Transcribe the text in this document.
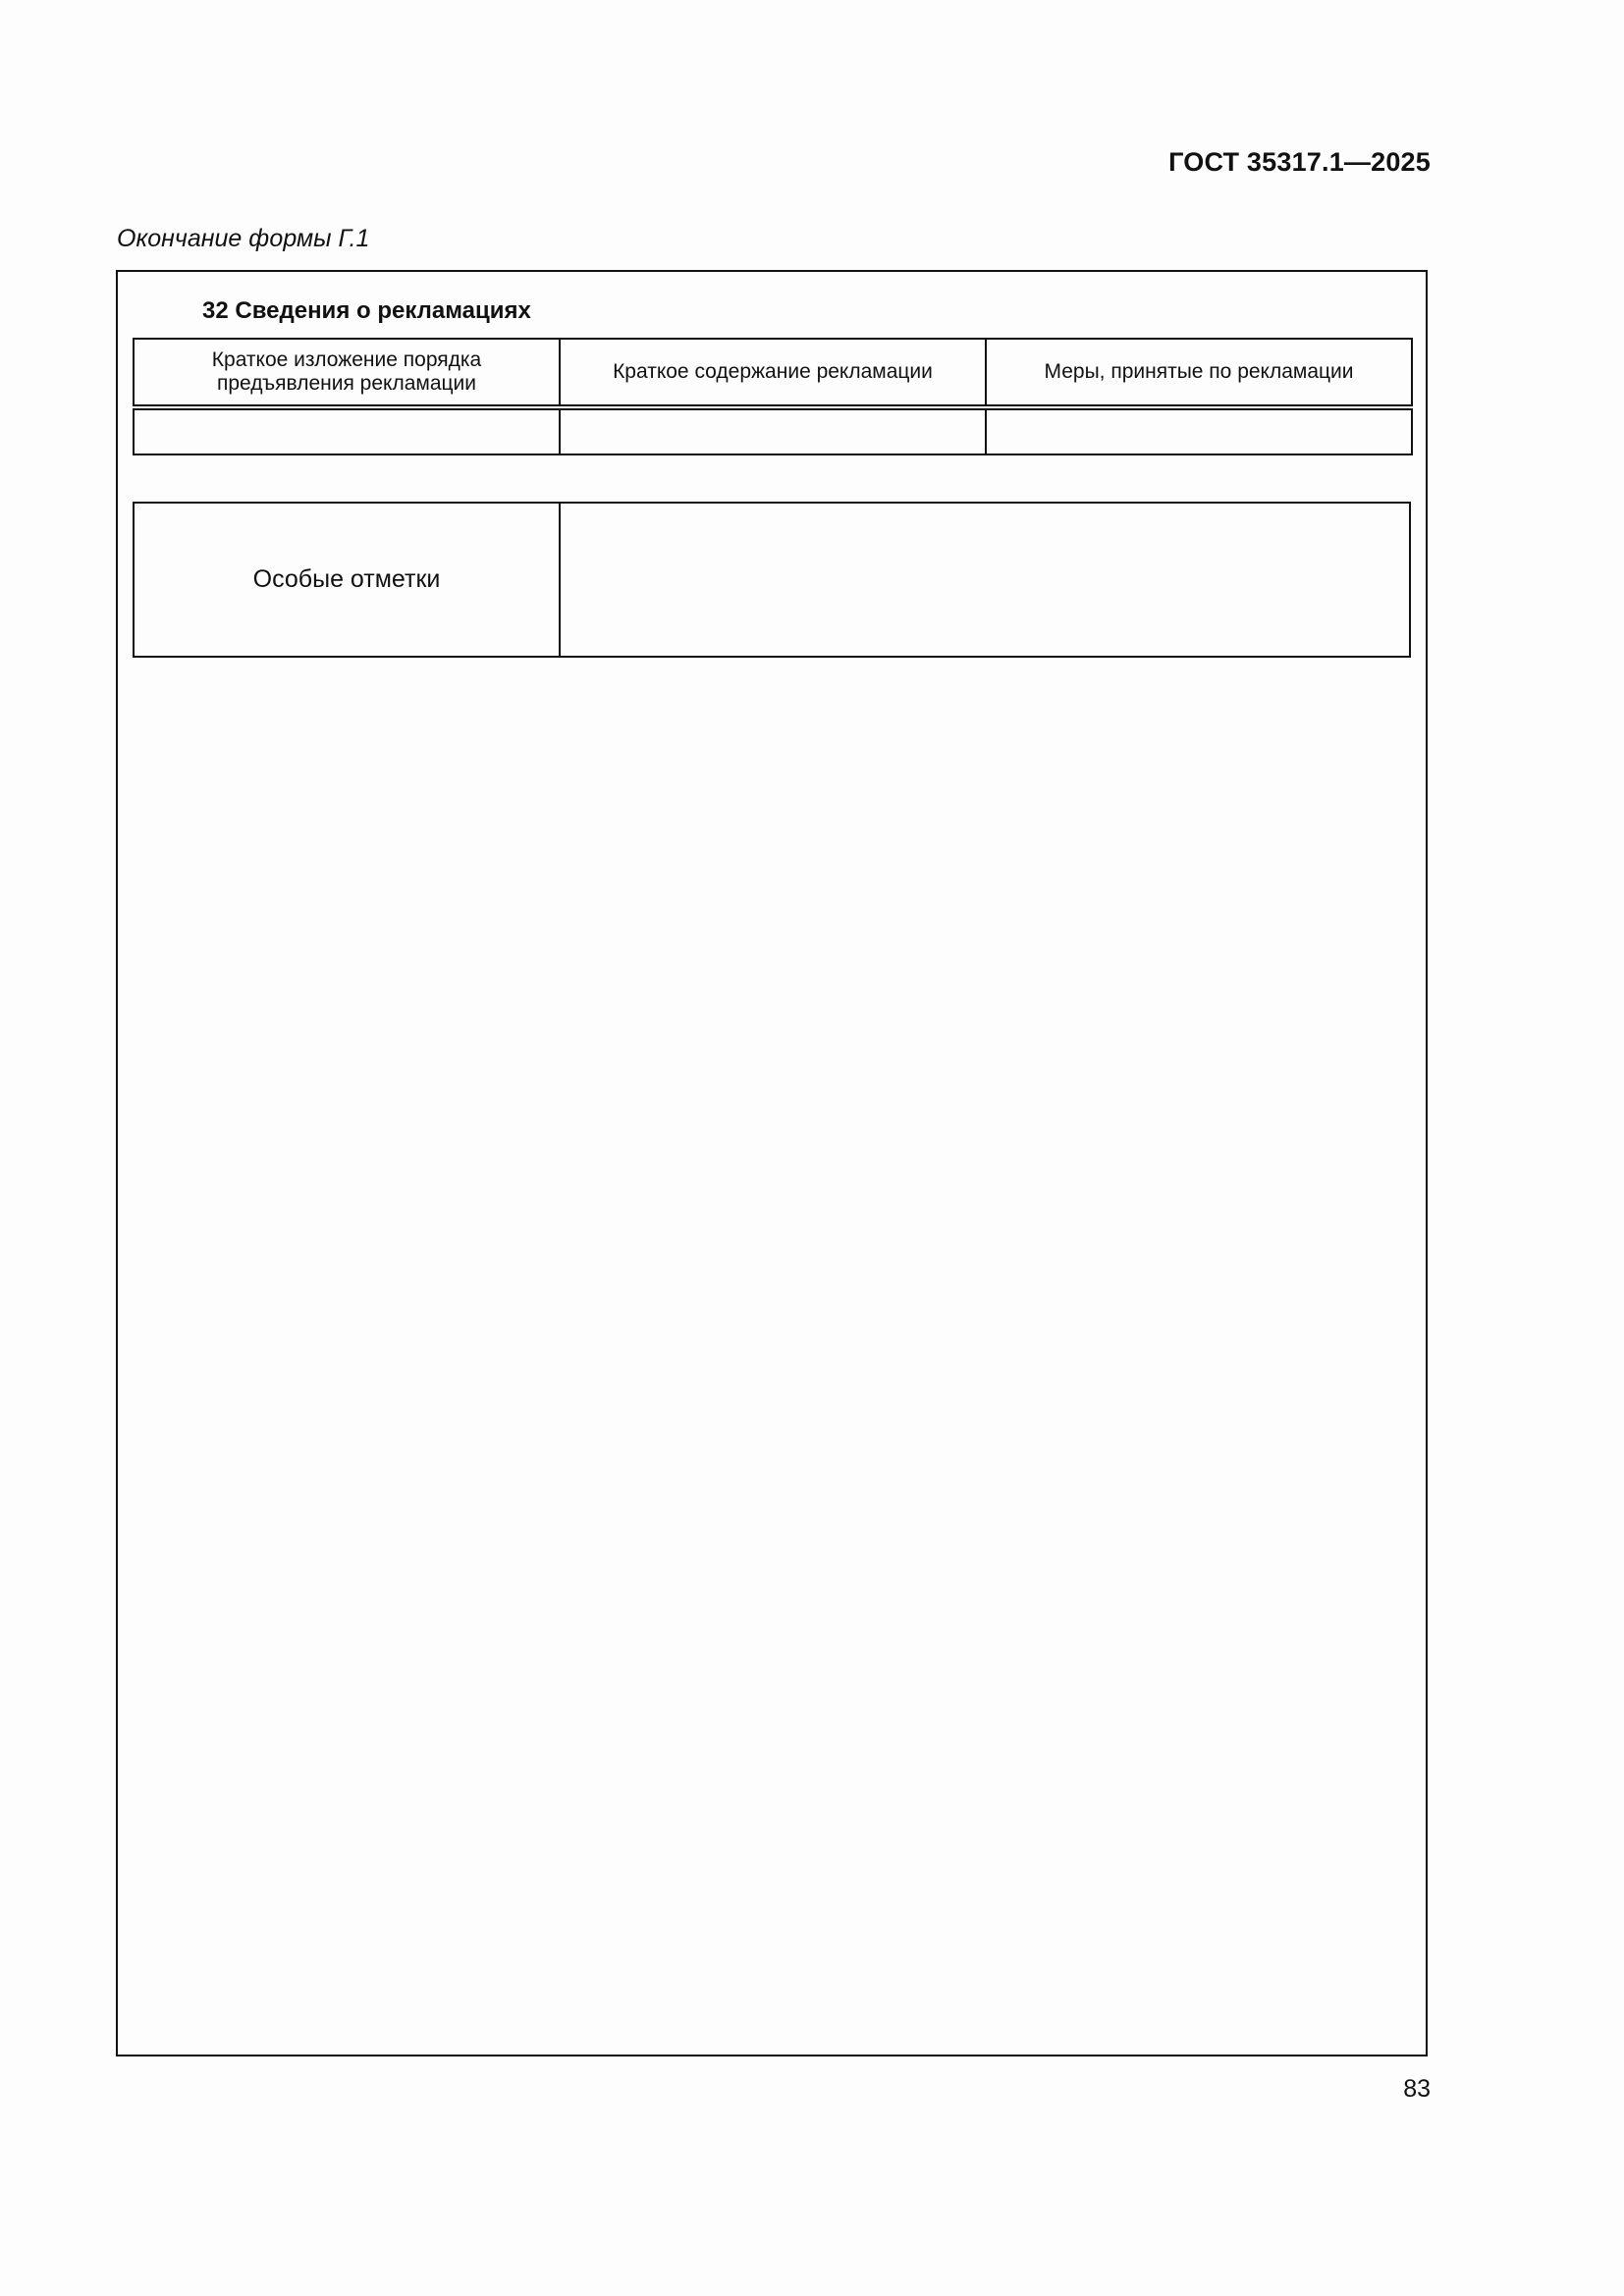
ГОСТ 35317.1—2025
Окончание формы Г.1
32 Сведения о рекламациях
Краткое изложение порядка предъявления рекламации	Краткое содержание рекламации	Меры, принятые по рекламации

Особые отметки	
83
